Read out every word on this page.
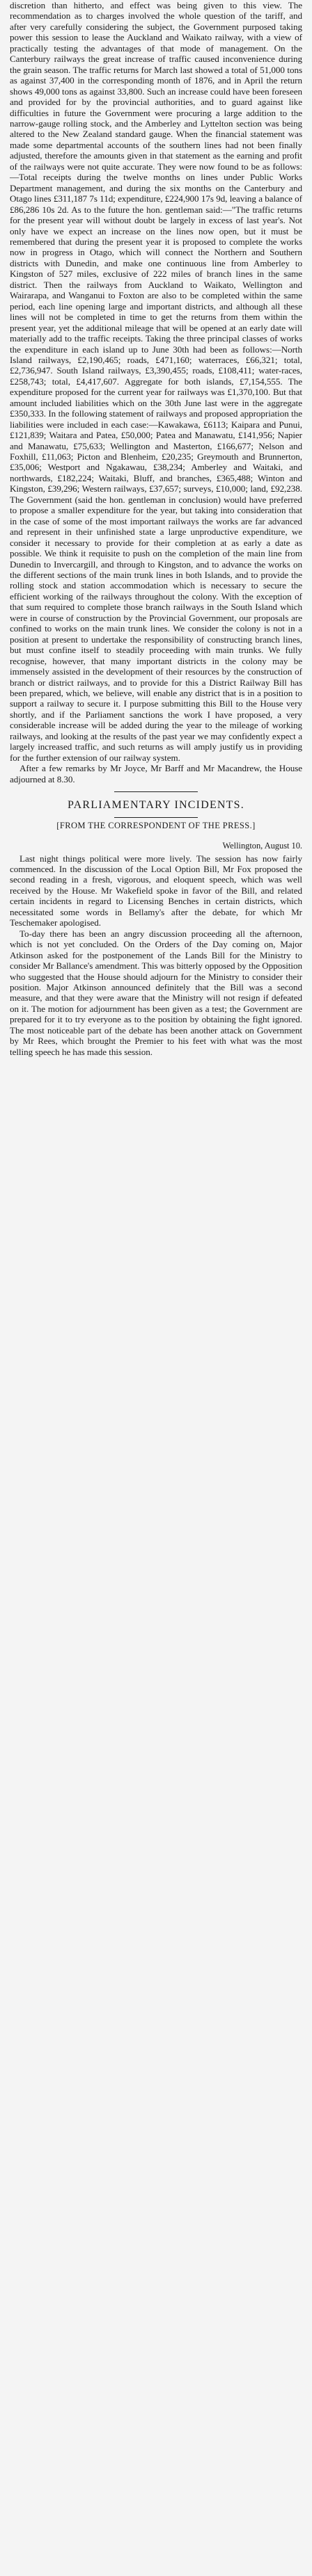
discretion than hitherto, and effect was being given to this view. The recommendation as to charges involved the whole question of the tariff, and after very carefully considering the subject, the Government purposed taking power this session to lease the Auckland and Waikato railway, with a view of practically testing the advantages of that mode of management. On the Canterbury railways the great increase of traffic caused inconvenience during the grain season. The traffic returns for March last showed a total of 51,000 tons as against 37,400 in the corresponding month of 1876, and in April the return shows 49,000 tons as against 33,800. Such an increase could have been foreseen and provided for by the provincial authorities, and to guard against like difficulties in future the Government were procuring a large addition to the narrow-gauge rolling stock, and the Amberley and Lyttelton section was being altered to the New Zealand standard gauge. When the financial statement was made some departmental accounts of the southern lines had not been finally adjusted, therefore the amounts given in that statement as the earning and profit of the railways were not quite accurate. They were now found to be as follows:—Total receipts during the twelve months on lines under Public Works Department management, and during the six months on the Canterbury and Otago lines £311,187 7s 11d; expenditure, £224,900 17s 9d, leaving a balance of £86,286 10s 2d. As to the future the hon. gentleman said:—"The traffic returns for the present year will without doubt be largely in excess of last year's. Not only have we expect an increase on the lines now open, but it must be remembered that during the present year it is proposed to complete the works now in progress in Otago, which will connect the Northern and Southern districts with Dunedin, and make one continuous line from Amberley to Kingston of 527 miles, exclusive of 222 miles of branch lines in the same district. Then the railways from Auckland to Waikato, Wellington and Wairarapa, and Wanganui to Foxton are also to be completed within the same period, each line opening large and important districts, and although all these lines will not be completed in time to get the returns from them within the present year, yet the additional mileage that will be opened at an early date will materially add to the traffic receipts. Taking the three principal classes of works the expenditure in each island up to June 30th had been as follows:—North Island railways, £2,190,465; roads, £471,160; waterraces, £66,321; total, £2,736,947. South Island railways, £3,390,455; roads, £108,411; water-races, £258,743; total, £4,417,607. Aggregate for both islands, £7,154,555. The expenditure proposed for the current year for railways was £1,370,100. But that amount included liabilities which on the 30th June last were in the aggregate £350,333. In the following statement of railways and proposed appropriation the liabilities were included in each case:—Kawakawa, £6113; Kaipara and Punui, £121,839; Waitara and Patea, £50,000; Patea and Manawatu, £141,956; Napier and Manawatu, £75,633; Wellington and Masterton, £166,677; Nelson and Foxhill, £11,063; Picton and Blenheim, £20,235; Greymouth and Brunnerton, £35,006; Westport and Ngakawau, £38,234; Amberley and Waitaki, and northwards, £182,224; Waitaki, Bluff, and branches, £365,488; Winton and Kingston, £39,296; Western railways, £37,657; surveys, £10,000; land, £92,238. The Government (said the hon. gentleman in conclusion) would have preferred to propose a smaller expenditure for the year, but taking into consideration that in the case of some of the most important railways the works are far advanced and represent in their unfinished state a large unproductive expenditure, we consider it necessary to provide for their completion at as early a date as possible. We think it requisite to push on the completion of the main line from Dunedin to Invercargill, and through to Kingston, and to advance the works on the different sections of the main trunk lines in both Islands, and to provide the rolling stock and station accommodation which is necessary to secure the efficient working of the railways throughout the colony. With the exception of that sum required to complete those branch railways in the South Island which were in course of construction by the Provincial Government, our proposals are confined to works on the main trunk lines. We consider the colony is not in a position at present to undertake the responsibility of constructing branch lines, but must confine itself to steadily proceeding with main trunks. We fully recognise, however, that many important districts in the colony may be immensely assisted in the development of their resources by the construction of branch or district railways, and to provide for this a District Railway Bill has been prepared, which, we believe, will enable any district that is in a position to support a railway to secure it. I purpose submitting this Bill to the House very shortly, and if the Parliament sanctions the work I have proposed, a very considerable increase will be added during the year to the mileage of working railways, and looking at the results of the past year we may confidently expect a largely increased traffic, and such returns as will amply justify us in providing for the further extension of our railway system.

After a few remarks by Mr Joyce, Mr Barff and Mr Macandrew, the House adjourned at 8.30.

PARLIAMENTARY INCIDENTS.
[FROM THE CORRESPONDENT OF THE PRESS.]
Wellington, August 10.

Last night things political were more lively. The session has now fairly commenced. In the discussion of the Local Option Bill, Mr Fox proposed the second reading in a fresh, vigorous, and eloquent speech, which was well received by the House. Mr Wakefield spoke in favor of the Bill, and related certain incidents in regard to Licensing Benches in certain districts, which necessitated some words in Bellamy's after the debate, for which Mr Teschemaker apologised.

To-day there has been an angry discussion proceeding all the afternoon, which is not yet concluded. On the Orders of the Day coming on, Major Atkinson asked for the postponement of the Lands Bill for the Ministry to consider Mr Ballance's amendment. This was bitterly opposed by the Opposition who suggested that the House should adjourn for the Ministry to consider their position. Major Atkinson announced definitely that the Bill was a second measure, and that they were aware that the Ministry will not resign if defeated on it. The motion for adjournment has been given as a test; the Government are prepared for it to try everyone as to the position by obtaining the fight ignored. The most noticeable part of the debate has been another attack on Government by Mr Rees, which brought the Premier to his feet with what was the most telling speech he has made this session.
